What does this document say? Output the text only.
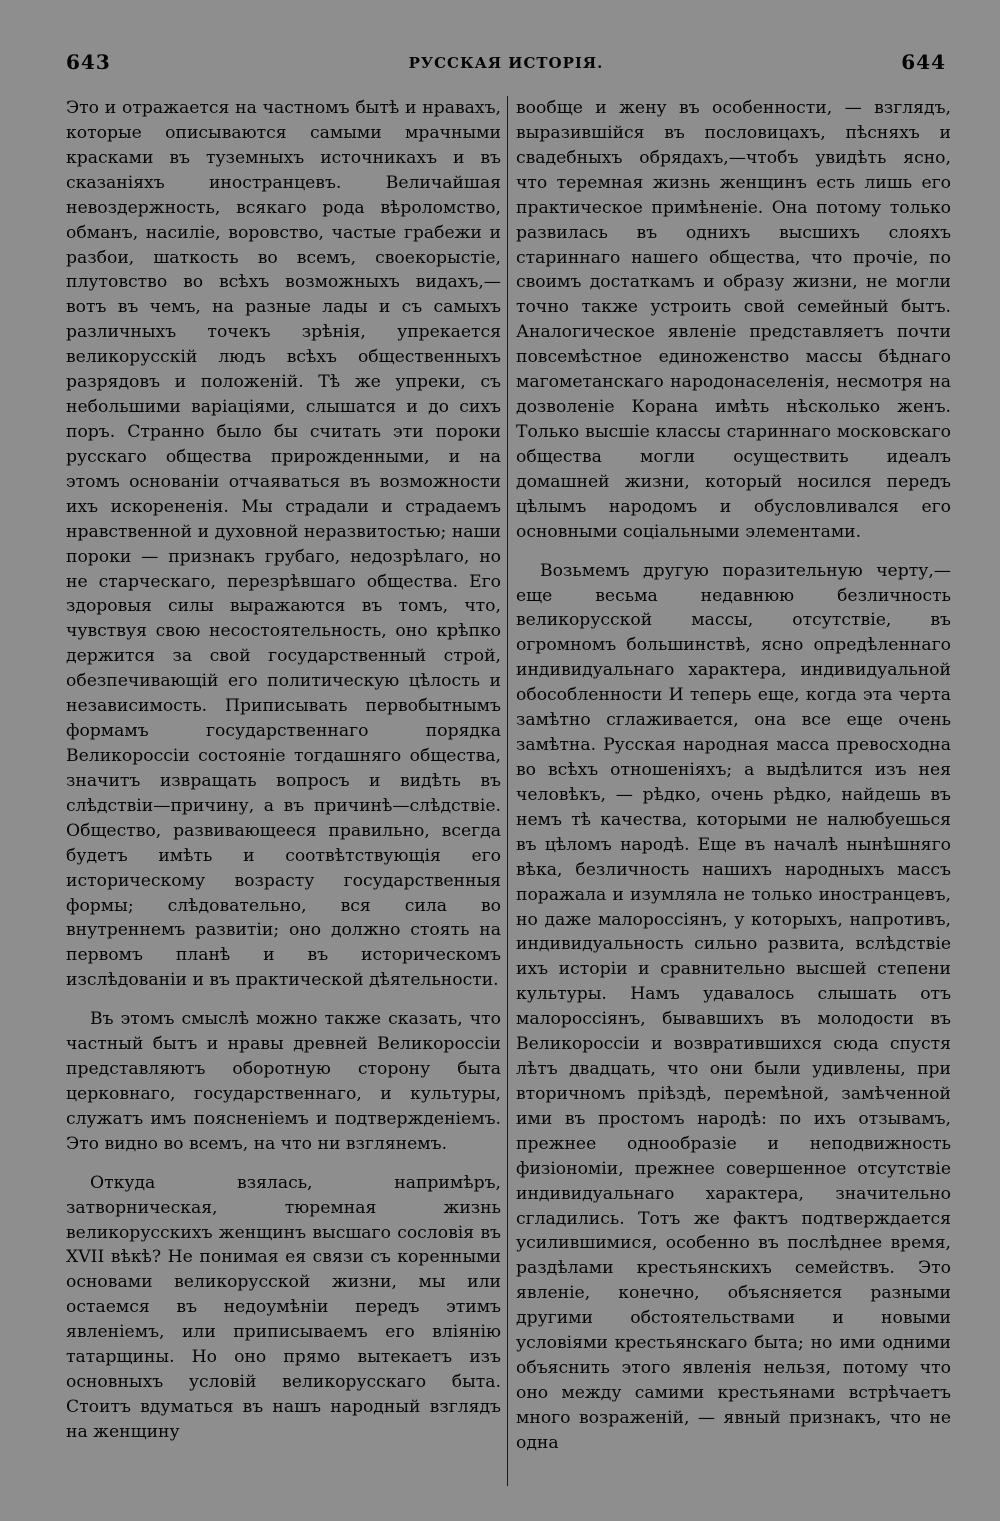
643	РУССКАЯ ИСТОРІЯ.	644

Это и отражается на частномъ бытѣ и нравахъ, которые описываются самыми мрачными красками въ туземныхъ источникахъ и въ сказаніяхъ иностранцевъ. Величайшая невоздержность, всякаго рода вѣроломство, обманъ, насиліе, воровство, частые грабежи и разбои, шаткость во всемъ, своекорыстіе, плутовство во всѣхъ возможныхъ видахъ,— вотъ въ чемъ, на разные лады и съ самыхъ различныхъ точекъ зрѣнія, упрекается великорусскій людъ всѣхъ общественныхъ разрядовъ и положеній. Тѣ же упреки, съ небольшими варіаціями, слышатся и до сихъ поръ. Странно было бы считать эти пороки русскаго общества прирожденными, и на этомъ основаніи отчаяваться въ возможности ихъ искорененія. Мы страдали и страдаемъ нравственной и духовной неразвитостью; наши пороки — признакъ грубаго, недозрѣлаго, но не старческаго, перезрѣвшаго общества. Его здоровыя силы выражаются въ томъ, что, чувствуя свою несостоятельность, оно крѣпко держится за свой государственный строй, обезпечивающій его политическую цѣлость и независимость. Приписывать первобытнымъ формамъ государственнаго порядка Великороссіи состояніе тогдашняго общества, значитъ извращать вопросъ и видѣть въ слѣдствіи—причину, а въ причинѣ—слѣдствіе. Общество, развивающееся правильно, всегда будетъ имѣть и соотвѣтствующія его историческому возрасту государственныя формы; слѣдовательно, вся сила во внутреннемъ развитіи; оно должно стоять на первомъ планѣ и въ историческомъ изслѣдованіи и въ практической дѣятельности.

Въ этомъ смыслѣ можно также сказать, что частный бытъ и нравы древней Великороссіи представляютъ оборотную сторону быта церковнаго, государственнаго, и культуры, служатъ имъ поясненіемъ и подтвержденіемъ. Это видно во всемъ, на что ни взглянемъ.

Откуда взялась, напримѣръ, затворническая, тюремная жизнь великорусскихъ женщинъ высшаго сословія въ XVII вѣкѣ? Не понимая ея связи съ коренными основами великорусской жизни, мы или остаемся въ недоумѣніи передъ этимъ явленіемъ, или приписываемъ его вліянію татарщины. Но оно прямо вытекаетъ изъ основныхъ условій великорусскаго быта. Стоитъ вдуматься въ нашъ народный взглядъ на женщину

вообще и жену въ особенности, — взглядъ, выразившійся въ пословицахъ, пѣсняхъ и свадебныхъ обрядахъ,—чтобъ увидѣть ясно, что теремная жизнь женщинъ есть лишь его практическое примѣненіе. Она потому только развилась въ однихъ высшихъ слояхъ стариннаго нашего общества, что прочіе, по своимъ достаткамъ и образу жизни, не могли точно также устроить свой семейный бытъ. Аналогическое явленіе представляетъ почти повсемѣстное единоженство массы бѣднаго магометанскаго народонаселенія, несмотря на дозволеніе Корана имѣть нѣсколько женъ. Только высшіе классы стариннаго московскаго общества могли осуществить идеалъ домашней жизни, который носился передъ цѣлымъ народомъ и обусловливался его основными соціальными элементами.

Возьмемъ другую поразительную черту,— еще весьма недавнюю безличность великорусской массы, отсутствіе, въ огромномъ большинствѣ, ясно опредѣленнаго индивидуальнаго характера, индивидуальной обособленности И теперь еще, когда эта черта замѣтно сглаживается, она все еще очень замѣтна. Русская народная масса превосходна во всѣхъ отношеніяхъ; а выдѣлится изъ нея человѣкъ, — рѣдко, очень рѣдко, найдешь въ немъ тѣ качества, которыми не налюбуешься въ цѣломъ народѣ. Еще въ началѣ нынѣшняго вѣка, безличность нашихъ народныхъ массъ поражала и изумляла не только иностранцевъ, но даже малороссіянъ, у которыхъ, напротивъ, индивидуальность сильно развита, вслѣдствіе ихъ исторіи и сравнительно высшей степени культуры. Намъ удавалось слышать отъ малороссіянъ, бывавшихъ въ молодости въ Великороссіи и возвратившихся сюда спустя лѣтъ двадцать, что они были удивлены, при вторичномъ пріѣздѣ, перемѣной, замѣченной ими въ простомъ народѣ: по ихъ отзывамъ, прежнее однообразіе и неподвижность физіономіи, прежнее совершенное отсутствіе индивидуальнаго характера, значительно сгладились. Тотъ же фактъ подтверждается усилившимися, особенно въ послѣднее время, раздѣлами крестьянскихъ семействъ. Это явленіе, конечно, объясняется разными другими обстоятельствами и новыми условіями крестьянскаго быта; но ими одними объяснить этого явленія нельзя, потому что оно между самими крестьянами встрѣчаетъ много возраженій, — явный признакъ, что не одна
